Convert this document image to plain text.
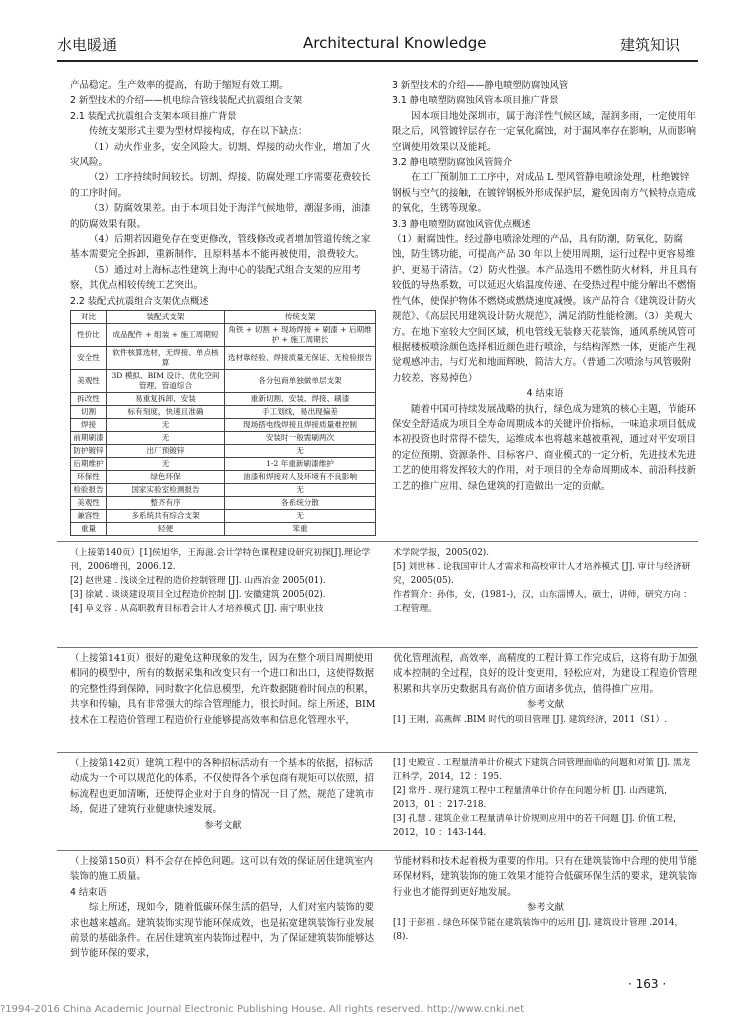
水电暖通	Architectural Knowledge	建筑知识

产品稳定。生产效率的提高，有助于缩短有效工期。

2 新型技术的介绍——机电综合管线装配式抗震组合支架

2.1 装配式抗震组合支架本项目推广背景

传统支架形式主要为型材焊接构成，存在以下缺点：

（1）动火作业多，安全风险大。切割、焊接的动火作业，增加了火灾风险。

（2）工序持续时间较长。切割、焊接、防腐处理工序需要花费较长的工序时间。

（3）防腐效果差。由于本项目处于海洋气候地带，潮湿多雨，油漆的防腐效果有限。

（4）后期若因避免存在变更修改，管线修改或者增加管道传统之家基本需要完全拆卸，重新制作，且原料基本不能再被使用，浪费较大。

（5）通过对上海标志性建筑上海中心的装配式组合支架的应用考察，其优点相较传统工艺突出。

2.2 装配式抗震组合支架优点概述

对比	装配式支架	传统支架
性价比	成品配件 + 组装 + 施工周期短	角铁 + 切割 + 现场焊接 + 刷漆 + 后期维护 + 施工周期长
安全性	软件核算选材，无焊接、单点核算	选材靠经验、焊接质量无保证、无检验报告
美观性	3D 模拟、BIM 设计、优化空间管理、管道综合	各分包商单独做单层支架
拆改性	易重复拆卸、安装	重新切割、安装、焊接、刷漆
切割	标有刻度，快速且准确	手工划线，易出现偏差
焊接	无	现场搭电线焊接且焊接质量难控制
前期刷漆	无	安装时一般需刷两次
防护镀锌	出厂预镀锌	无
后期维护	无	1-2 年重新刷漆维护
环保性	绿色环保	油漆和焊接对人及环境有不良影响
检验报告	国家实验室检测报告	无
美观性	整齐有序	各系统分散
兼容性	多系统共有综合支架	无
重量	轻便	笨重

3 新型技术的介绍——静电喷塑防腐蚀风管

3.1 静电喷塑防腐蚀风管本项目推广背景

因本项目地处深圳市，属于海洋性气候区域，湿润多雨，一定使用年限之后，风管镀锌层存在一定氧化腐蚀，对于漏风率存在影响，从而影响空调使用效果以及能耗。

3.2 静电喷塑防腐蚀风管简介

在工厂预制加工工序中，对成品 L 型风管静电喷涂处理，杜绝镀锌钢板与空气的接触，在镀锌钢板外形成保护层，避免因南方气候特点造成的氧化，生锈等现象。

3.3 静电喷塑防腐蚀风管优点概述

（1）耐腐蚀性。经过静电喷涂处理的产品，具有防潮，防氧化，防腐蚀，防生锈功能，可提高产品 30 年以上使用周期，运行过程中更容易维护、更易于清洁。（2）防火性强。本产品选用不燃性防火材料，并且具有较低的导热系数，可以延迟火焰温度传递、在受热过程中能分解出不燃惰性气体，使保护物体不燃烧或燃烧速度减慢。该产品符合《建筑设计防火规范》、《高层民用建筑设计防火规范》，满足消防性能检测。（3）美观大方。在地下室较大空间区域，机电管线无装修天花装饰，通风系统风管可根据楼板喷涂颜色选择相近颜色进行喷涂，与结构浑然一体，更能产生视觉观感冲击，与灯光和地面辉映，简洁大方。（普通二次喷涂与风管吸附力较差，容易掉色）

4 结束语

随着中国可持续发展战略的执行，绿色成为建筑的核心主题，节能环保安全舒适成为项目全寿命周期成本的关键评价指标，一味追求项目低成本初投资也时常得不偿失，运维成本也将越来越被重视，通过对平安项目的定位预期、资源条件、目标客户、商业模式的一定分析，先进技术先进工艺的使用将发挥较大的作用，对于项目的全寿命周期成本、前沿科技新工艺的推广应用、绿色建筑的打造做出一定的贡献。

（上接第140页）[1]侯旭华，王海滋.会计学特色课程建设研究初探[J].理论学刊，2006增刊，2006.12.

[2] 赵世建 . 浅谈全过程的造价控制管理 [J]. 山西冶金 2005(01).

[3] 徐斌 . 谈谈建设项目全过程造价控制 [J]. 安徽建筑 2005(02).

[4] 阜义容 . 从高职教育目标看会计人才培养模式 [J]. 南宁职业技

术学院学报，2005(02).

[5] 刘世林 . 论我国审计人才需求和高校审计人才培养模式 [J]. 审计与经济研究，2005(05).

作者简介：孙伟，女，(1981-)，汉，山东淄博人，硕士，讲师，研究方向 ：工程管理。

（上接第141页）很好的避免这种现象的发生，因为在整个项目周期使用相同的模型中，所有的数据采集和改变只有一个进口和出口，这使得数据的完整性得到保障，同时数字化信息模型，允许数据随着时间点的积累，共享和传输，具有非常强大的综合管理能力，很长时间。综上所述，BIM 技术在工程造价管理工程造价行业能够提高效率和信息化管理水平，

优化管理流程，高效率，高精度的工程计算工作完成后，这将有助于加强成本控制的全过程，良好的设计变更用，轻松应对，为建设工程造价管理积累和共享历史数据具有高价值方面诸多优点，值得推广应用。

参考文献

[1] 王刚，高燕辉 .BIM 时代的项目管理 [J]. 建筑经济，2011（S1）.

（上接第142页）建筑工程中的各种招标活动有一个基本的依据，招标活动成为一个可以规范化的体系，不仅使得各个承包商有规矩可以依照，招标流程也更加清晰，还使得企业对于自身的情况一目了然，规范了建筑市场，促进了建筑行业健康快速发展。

参考文献

[1] 史殿宣 . 工程量清单计价模式下建筑合同管理面临的问题和对策 [J]. 黑龙江科学，2014，12 ：195.

[2] 常丹 . 现行建筑工程中工程量清单计价存在问题分析 [J]. 山西建筑，2013，01 ：217-218.

[3] 孔慧 . 建筑企业工程量清单计价规则应用中的若干问题 [J]. 价值工程，2012，10 ：143-144.

（上接第150页）料不会存在掉色问题。这可以有效的保证居住建筑室内装饰的施工质量。

4 结束语

综上所述，现如今，随着低碳环保生活的倡导，人们对室内装饰的要求也越来越高。建筑装饰实现节能环保成效，也是拓宽建筑装饰行业发展前景的基础条件。在居住建筑室内装饰过程中，为了保证建筑装饰能够达到节能环保的要求，

节能材料和技术起着极为重要的作用。只有在建筑装饰中合理的使用节能环保材料，建筑装饰的施工效果才能符合低碳环保生活的要求，建筑装饰行业也才能得到更好地发展。

参考文献

[1] 于彭祖 . 绿色环保节能在建筑装饰中的运用 [J]. 建筑设计管理 .2014，(8).

· 163 ·
?1994-2016 China Academic Journal Electronic Publishing House. All rights reserved. http://www.cnki.net
